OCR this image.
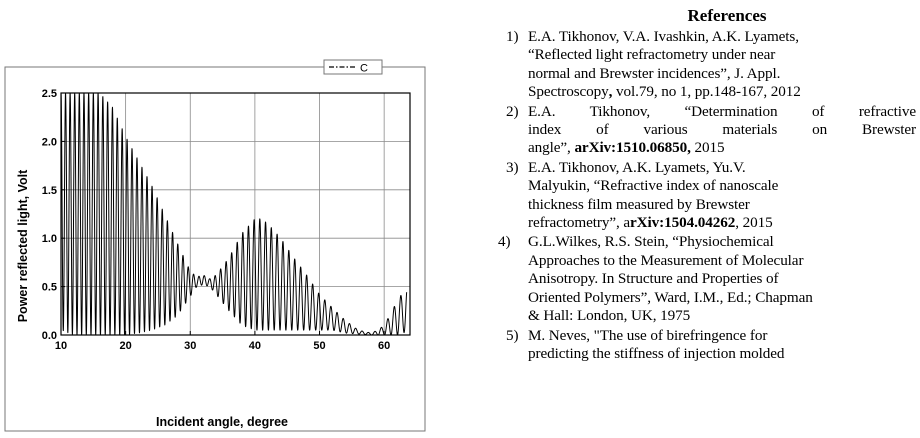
10	20	30	40	50	60
0.0
0.5
1.0
1.5
2.0
2.5
C
Incident angle, degree
Power reflected light, Volt
References
1) E.A. Tikhonov, V.A. Ivashkin, A.K. Lyamets,
“Reflected light refractometry under near
normal and Brewster incidences”, J. Appl.
Spectroscopy, vol.79, no 1, pp.148-167, 2012
2) E.A. Tikhonov, “Determination of refractive
index of various materials on Brewster
angle”, arXiv:1510.06850, 2015
3) E.A. Tikhonov, A.K. Lyamets, Yu.V.
Malyukin, “Refractive index of nanoscale
thickness film measured by Brewster
refractometry”, arXiv:1504.04262, 2015
4) G.L.Wilkes, R.S. Stein, “Physiochemical
Approaches to the Measurement of Molecular
Anisotropy. In Structure and Properties of
Oriented Polymers”, Ward, I.M., Ed.; Chapman
& Hall: London, UK, 1975
5) M. Neves, "The use of birefringence for
predicting the stiffness of injection molded
